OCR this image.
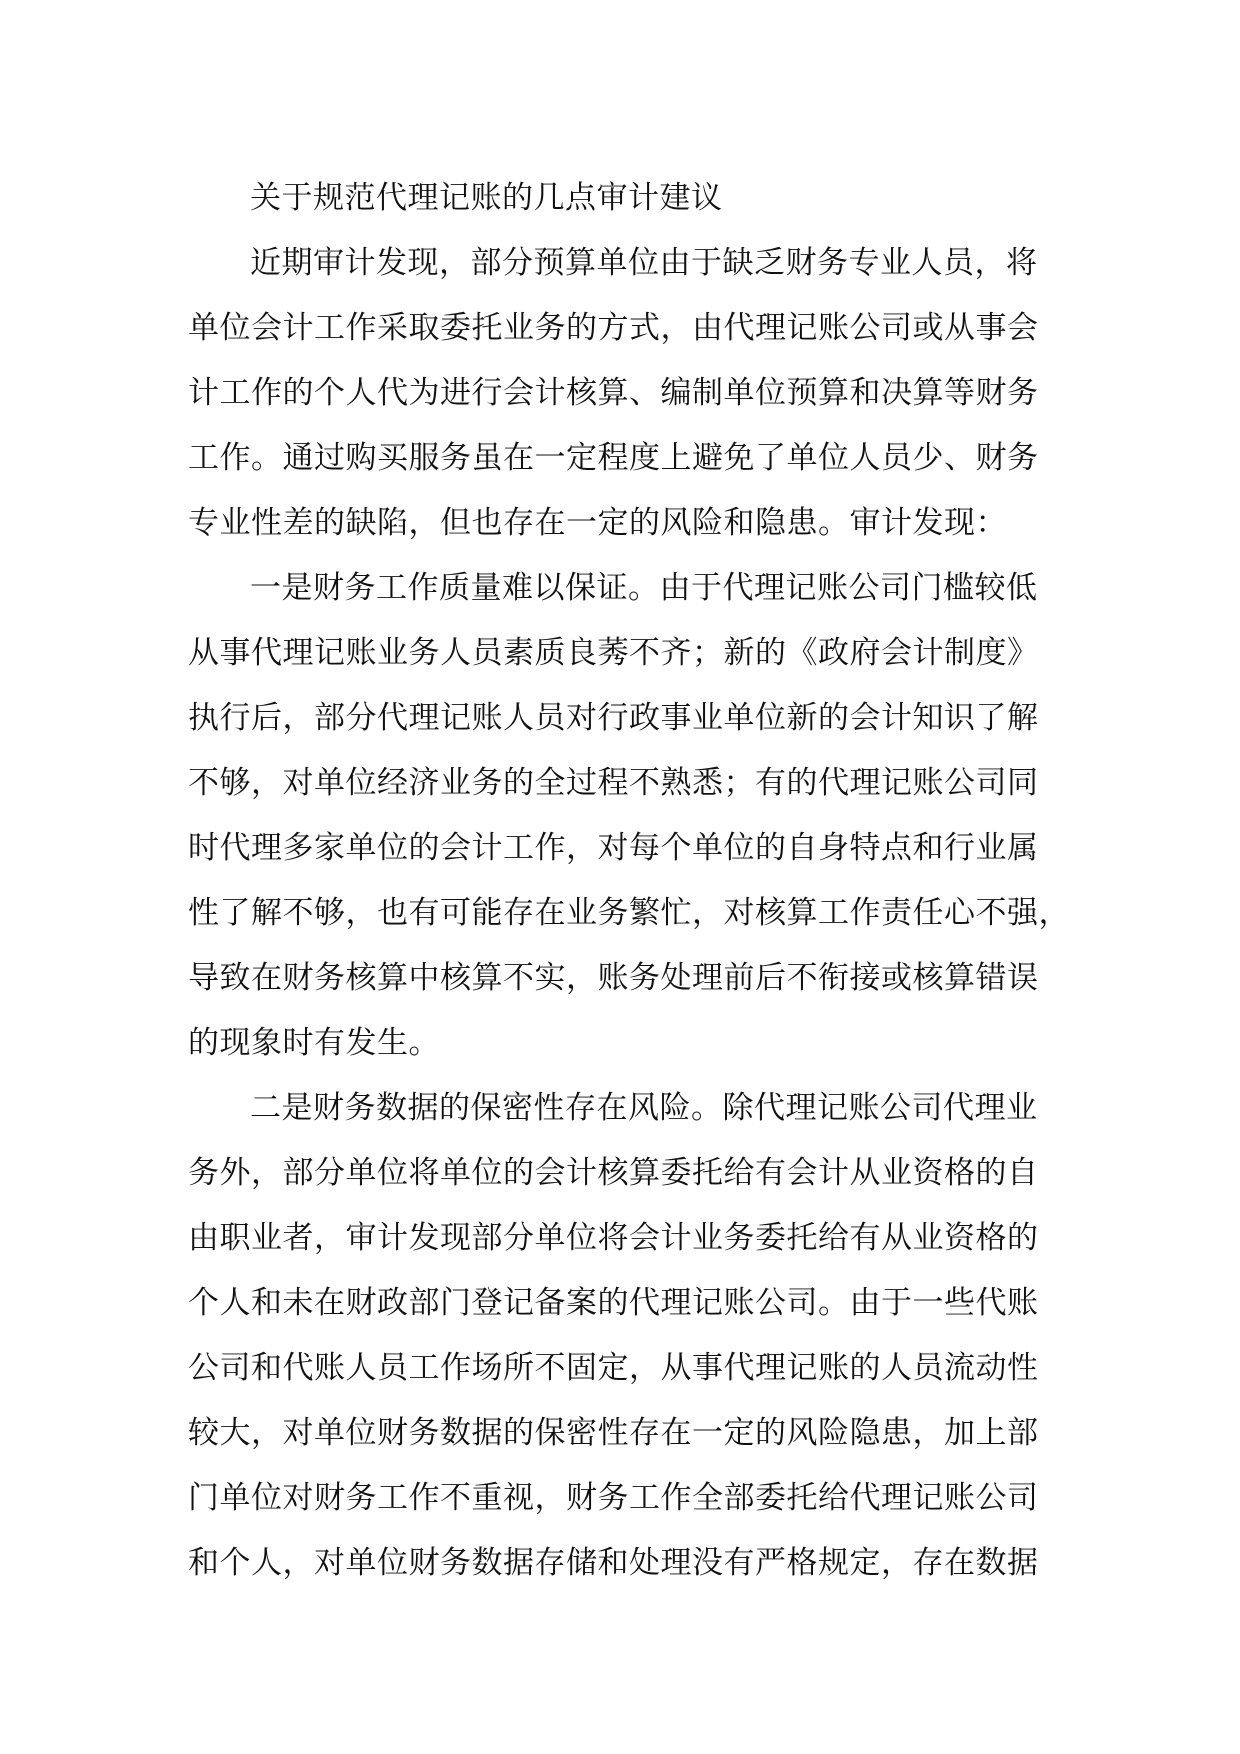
关于规范代理记账的几点审计建议
近期审计发现，部分预算单位由于缺乏财务专业人员，将
单位会计工作采取委托业务的方式，由代理记账公司或从事会
计工作的个人代为进行会计核算、编制单位预算和决算等财务
工作。通过购买服务虽在一定程度上避免了单位人员少、财务
专业性差的缺陷，但也存在一定的风险和隐患。审计发现：
一是财务工作质量难以保证。由于代理记账公司门槛较低
从事代理记账业务人员素质良莠不齐；新的《政府会计制度》
执行后，部分代理记账人员对行政事业单位新的会计知识了解
不够，对单位经济业务的全过程不熟悉；有的代理记账公司同
时代理多家单位的会计工作，对每个单位的自身特点和行业属
性了解不够，也有可能存在业务繁忙，对核算工作责任心不强，
导致在财务核算中核算不实，账务处理前后不衔接或核算错误
的现象时有发生。
二是财务数据的保密性存在风险。除代理记账公司代理业
务外，部分单位将单位的会计核算委托给有会计从业资格的自
由职业者，审计发现部分单位将会计业务委托给有从业资格的
个人和未在财政部门登记备案的代理记账公司。由于一些代账
公司和代账人员工作场所不固定，从事代理记账的人员流动性
较大，对单位财务数据的保密性存在一定的风险隐患，加上部
门单位对财务工作不重视，财务工作全部委托给代理记账公司
和个人，对单位财务数据存储和处理没有严格规定，存在数据
